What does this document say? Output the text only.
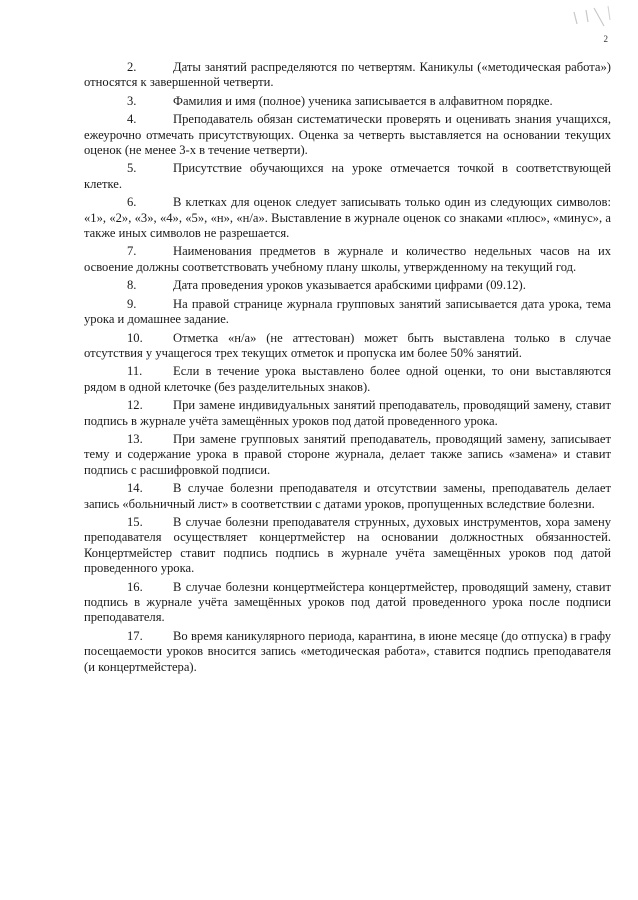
2

2.	Даты занятий распределяются по четвертям. Каникулы («методическая работа») относятся к завершенной четверти.

3.	Фамилия и имя (полное) ученика записывается в алфавитном порядке.

4.	Преподаватель обязан систематически проверять и оценивать знания учащихся, ежеурочно отмечать присутствующих. Оценка за четверть выставляется на основании текущих оценок (не менее 3-х в течение четверти).

5.	Присутствие обучающихся на уроке отмечается точкой в соответствующей клетке.

6.	В клетках для оценок следует записывать только один из следующих символов: «1», «2», «3», «4», «5», «н», «н/а». Выставление в журнале оценок со знаками «плюс», «минус», а также иных символов не разрешается.

7.	Наименования предметов в журнале и количество недельных часов на их освоение должны соответствовать учебному плану школы, утвержденному на текущий год.

8.	Дата проведения уроков указывается арабскими цифрами (09.12).

9.	На правой странице журнала групповых занятий записывается дата урока, тема урока и домашнее задание.

10. Отметка «н/а» (не аттестован) может быть выставлена только в случае отсутствия у учащегося трех текущих отметок и пропуска им более 50% занятий.

11. Если в течение урока выставлено более одной оценки, то они выставляются рядом в одной клеточке (без разделительных знаков).

12. При замене индивидуальных занятий преподаватель, проводящий замену, ставит подпись в журнале учёта замещённых уроков под датой проведенного урока.

13. При замене групповых занятий преподаватель, проводящий замену, записывает тему и содержание урока в правой стороне журнала, делает также запись «замена» и ставит подпись с расшифровкой подписи.

14. В случае болезни преподавателя и отсутствии замены, преподаватель делает запись «больничный лист» в соответствии с датами уроков, пропущенных вследствие болезни.

15. В случае болезни преподавателя струнных, духовых инструментов, хора замену преподавателя осуществляет концертмейстер на основании должностных обязанностей. Концертмейстер ставит подпись подпись в журнале учёта замещённых уроков под датой проведенного урока.

16. В случае болезни концертмейстера концертмейстер, проводящий замену, ставит подпись в журнале учёта замещённых уроков под датой проведенного урока после подписи преподавателя.

17. Во время каникулярного периода, карантина, в июне месяце (до отпуска) в графу посещаемости уроков вносится запись «методическая работа», ставится подпись преподавателя (и концертмейстера).
